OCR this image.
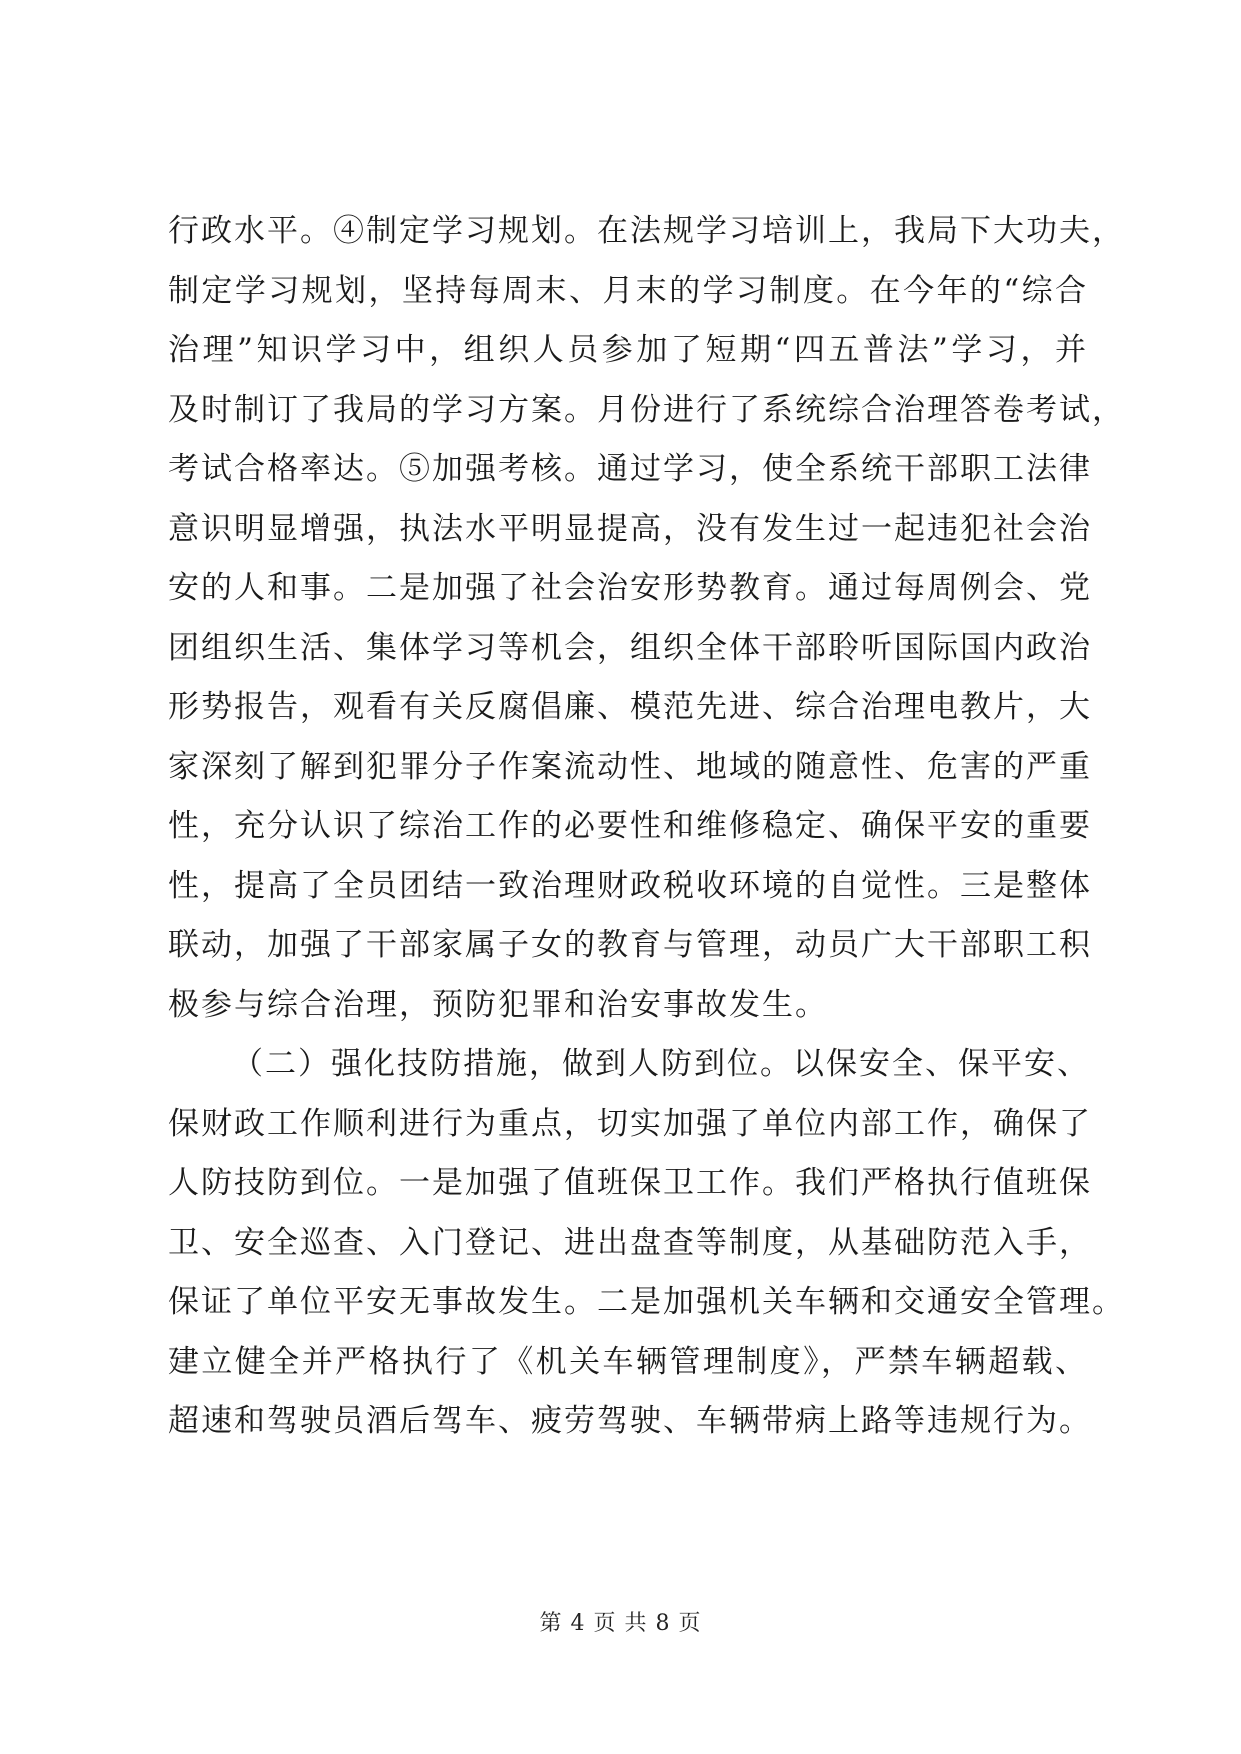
行政水平。④制定学习规划。在法规学习培训上，我局下大功夫，
制定学习规划，坚持每周末、月末的学习制度。在今年的“综合
治理”知识学习中，组织人员参加了短期“四五普法”学习，并
及时制订了我局的学习方案。月份进行了系统综合治理答卷考试，
考试合格率达。⑤加强考核。通过学习，使全系统干部职工法律
意识明显增强，执法水平明显提高，没有发生过一起违犯社会治
安的人和事。二是加强了社会治安形势教育。通过每周例会、党
团组织生活、集体学习等机会，组织全体干部聆听国际国内政治
形势报告，观看有关反腐倡廉、模范先进、综合治理电教片，大
家深刻了解到犯罪分子作案流动性、地域的随意性、危害的严重
性，充分认识了综治工作的必要性和维修稳定、确保平安的重要
性，提高了全员团结一致治理财政税收环境的自觉性。三是整体
联动，加强了干部家属子女的教育与管理，动员广大干部职工积
极参与综合治理，预防犯罪和治安事故发生。
（二）强化技防措施，做到人防到位。以保安全、保平安、
保财政工作顺利进行为重点，切实加强了单位内部工作，确保了
人防技防到位。一是加强了值班保卫工作。我们严格执行值班保
卫、安全巡查、入门登记、进出盘查等制度，从基础防范入手，
保证了单位平安无事故发生。二是加强机关车辆和交通安全管理。
建立健全并严格执行了《机关车辆管理制度》，严禁车辆超载、
超速和驾驶员酒后驾车、疲劳驾驶、车辆带病上路等违规行为。
第 4 页 共 8 页
